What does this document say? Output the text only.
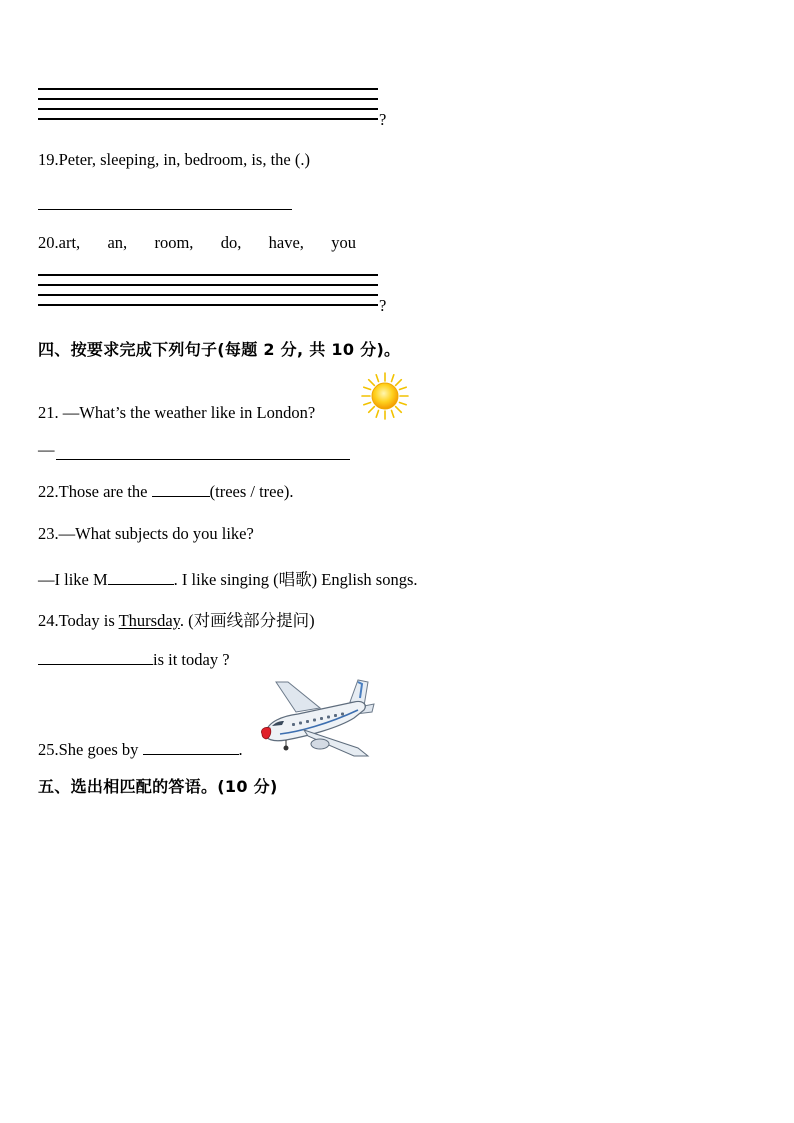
?
19.Peter, sleeping, in, bedroom, is, the (.)
20.art, an, room, do, have, you
?
四、按要求完成下列句子(每题 2 分, 共 10 分)。
21. —What’s the weather like in London?
—
22.Those are the	(trees / tree).
23.—What subjects do you like?
—I like M	. I like singing (唱歌) English songs.
24.Today is Thursday. (对画线部分提问)
is it today ?
25.She goes by	.
五、选出相匹配的答语。(10 分)
